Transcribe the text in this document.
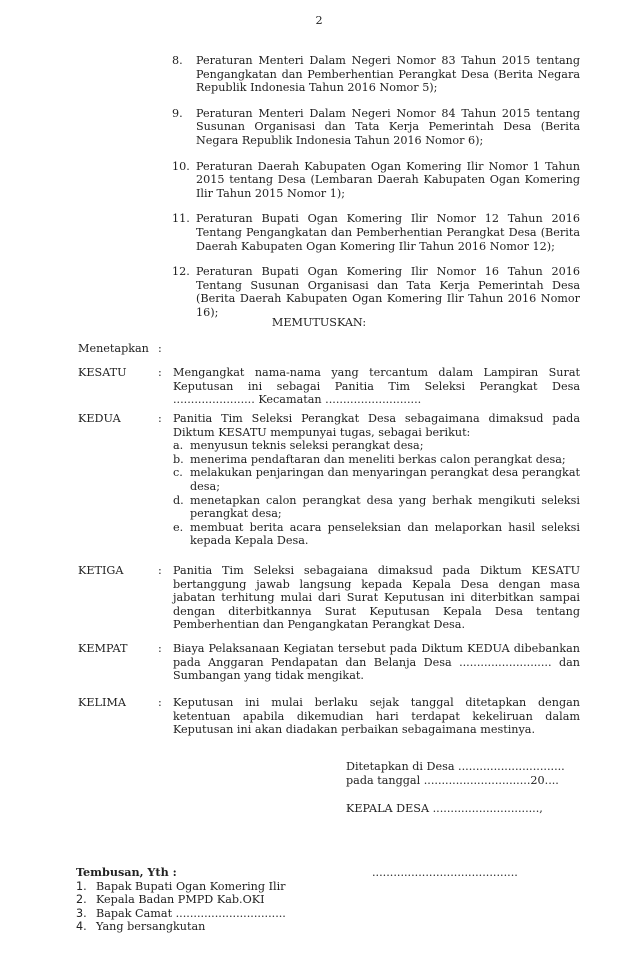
2
8. Peraturan Menteri Dalam Negeri Nomor 83 Tahun 2015 tentang Pengangkatan dan Pemberhentian Perangkat Desa (Berita Negara Republik Indonesia Tahun 2016 Nomor 5);
9. Peraturan Menteri Dalam Negeri Nomor 84 Tahun 2015 tentang Susunan Organisasi dan Tata Kerja Pemerintah Desa (Berita Negara Republik Indonesia Tahun 2016 Nomor 6);
10. Peraturan Daerah Kabupaten Ogan Komering Ilir Nomor 1 Tahun 2015 tentang Desa (Lembaran Daerah Kabupaten Ogan Komering Ilir Tahun 2015 Nomor 1);
11. Peraturan Bupati Ogan Komering Ilir Nomor 12 Tahun 2016 Tentang Pengangkatan dan Pemberhentian Perangkat Desa (Berita Daerah Kabupaten Ogan Komering Ilir Tahun 2016 Nomor 12);
12. Peraturan Bupati Ogan Komering Ilir Nomor 16 Tahun 2016 Tentang Susunan Organisasi dan Tata Kerja Pemerintah Desa (Berita Daerah Kabupaten Ogan Komering Ilir Tahun 2016 Nomor 16);
MEMUTUSKAN:
Menetapkan :

KESATU	: Mengangkat nama-nama yang tercantum dalam Lampiran Surat Keputusan ini sebagai Panitia Tim Seleksi Perangkat Desa ....................... Kecamatan ...........................
KEDUA	: Panitia Tim Seleksi Perangkat Desa sebagaimana dimaksud pada Diktum KESATU mempunyai tugas, sebagai berikut:
a. menyusun teknis seleksi perangkat desa;
b. menerima pendaftaran dan meneliti berkas calon perangkat desa;
c. melakukan penjaringan dan menyaringan perangkat desa perangkat desa;
d. menetapkan calon perangkat desa yang berhak mengikuti seleksi perangkat desa;
e. membuat berita acara penseleksian dan melaporkan hasil seleksi kepada Kepala Desa.
KETIGA	: Panitia Tim Seleksi sebagaiana dimaksud pada Diktum KESATU bertanggung jawab langsung kepada Kepala Desa dengan masa jabatan terhitung mulai dari Surat Keputusan ini diterbitkan sampai dengan diterbitkannya Surat Keputusan Kepala Desa tentang Pemberhentian dan Pengangkatan Perangkat Desa.
KEMPAT	: Biaya Pelaksanaan Kegiatan tersebut pada Diktum KEDUA dibebankan pada Anggaran Pendapatan dan Belanja Desa .......................... dan Sumbangan yang tidak mengikat.
KELIMA	: Keputusan ini mulai berlaku sejak tanggal ditetapkan dengan ketentuan apabila dikemudian hari terdapat kekeliruan dalam Keputusan ini akan diadakan perbaikan sebagaimana mestinya.
Ditetapkan di Desa ..............................
pada tanggal ..............................20....
KEPALA DESA ..............................,
.........................................
Tembusan, Yth :
1. Bapak Bupati Ogan Komering Ilir
2. Kepala Badan PMPD Kab.OKI
3. Bapak Camat ...............................
4. Yang bersangkutan
